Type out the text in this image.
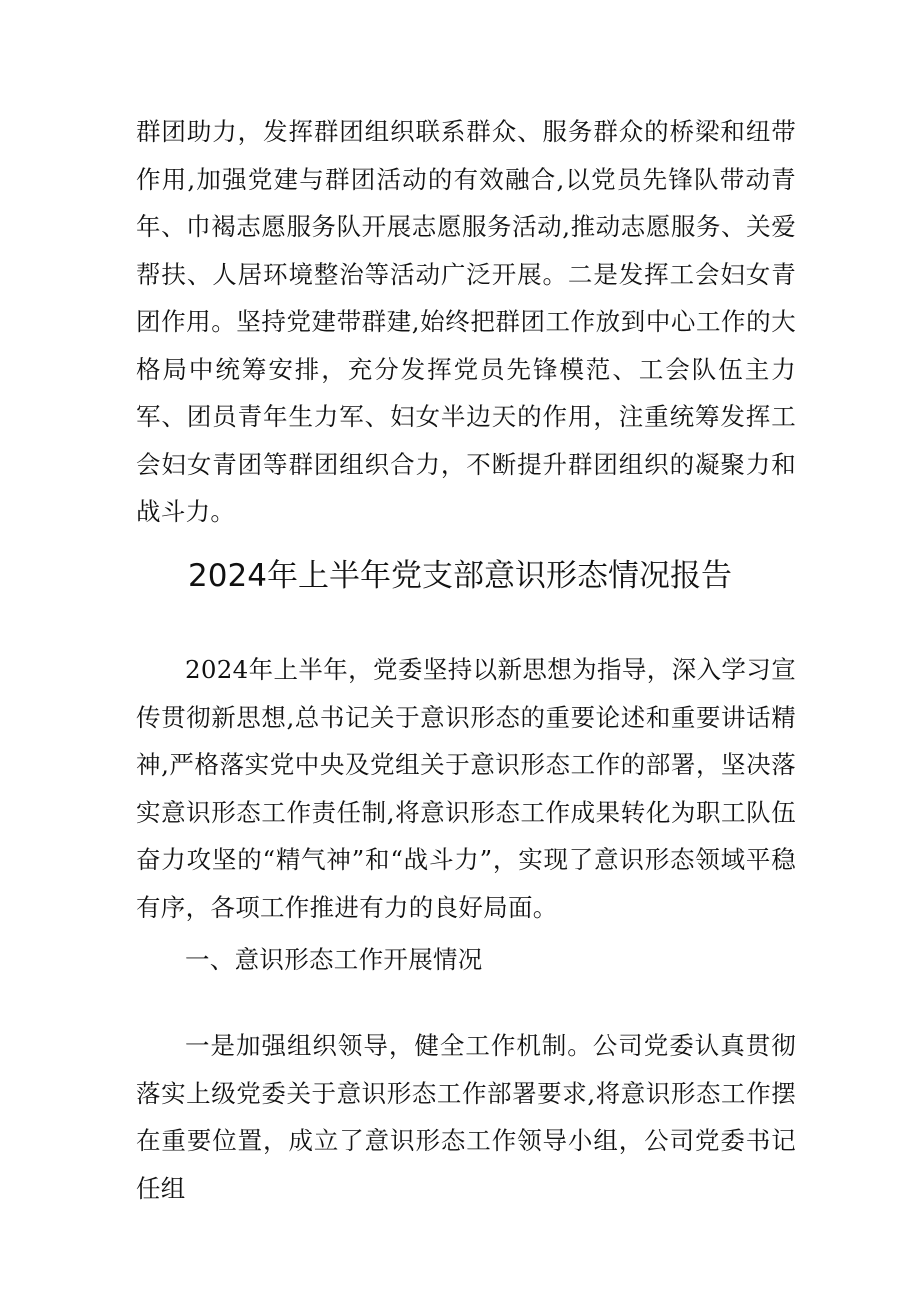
群团助力，发挥群团组织联系群众、服务群众的桥梁和纽带作用,加强党建与群团活动的有效融合,以党员先锋队带动青年、巾褐志愿服务队开展志愿服务活动,推动志愿服务、关爱帮扶、人居环境整治等活动广泛开展。二是发挥工会妇女青团作用。坚持党建带群建,始终把群团工作放到中心工作的大格局中统筹安排，充分发挥党员先锋模范、工会队伍主力军、团员青年生力军、妇女半边天的作用，注重统筹发挥工会妇女青团等群团组织合力，不断提升群团组织的凝聚力和战斗力。

2024年上半年党支部意识形态情况报告

2024年上半年，党委坚持以新思想为指导，深入学习宣传贯彻新思想,总书记关于意识形态的重要论述和重要讲话精神,严格落实党中央及党组关于意识形态工作的部署，坚决落实意识形态工作责任制,将意识形态工作成果转化为职工队伍奋力攻坚的“精气神”和“战斗力”，实现了意识形态领域平稳有序，各项工作推进有力的良好局面。

一、意识形态工作开展情况

一是加强组织领导，健全工作机制。公司党委认真贯彻落实上级党委关于意识形态工作部署要求,将意识形态工作摆在重要位置，成立了意识形态工作领导小组，公司党委书记任组
